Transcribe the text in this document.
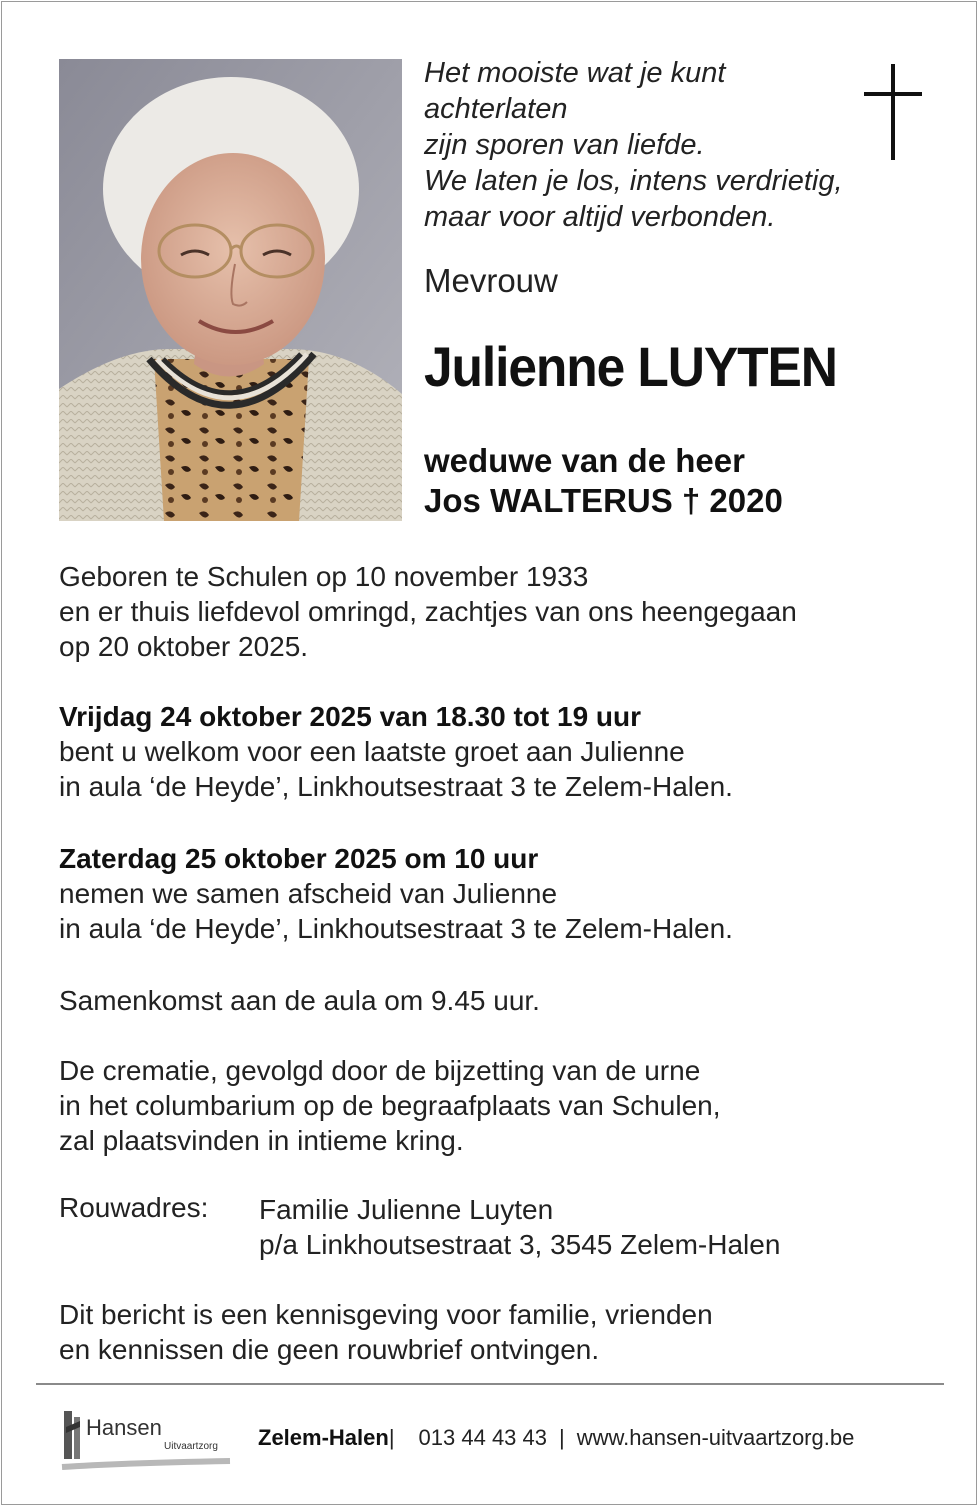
Het mooiste wat je kunt
achterlaten
zijn sporen van liefde.
We laten je los, intens verdrietig,
maar voor altijd verbonden.
Mevrouw
Julienne LUYTEN
weduwe van de heer
Jos WALTERUS † 2020
Geboren te Schulen op 10 november 1933
en er thuis liefdevol omringd, zachtjes van ons heengegaan
op 20 oktober 2025.
Vrijdag 24 oktober 2025 van 18.30 tot 19 uur
bent u welkom voor een laatste groet aan Julienne
in aula ‘de Heyde’, Linkhoutsestraat 3 te Zelem-Halen.
Zaterdag 25 oktober 2025 om 10 uur
nemen we samen afscheid van Julienne
in aula ‘de Heyde’, Linkhoutsestraat 3 te Zelem-Halen.
Samenkomst aan de aula om 9.45 uur.
De crematie, gevolgd door de bijzetting van de urne
in het columbarium op de begraafplaats van Schulen,
zal plaatsvinden in intieme kring.
Rouwadres: Familie Julienne Luyten
p/a Linkhoutsestraat 3, 3545 Zelem-Halen
Dit bericht is een kennisgeving voor familie, vrienden
en kennissen die geen rouwbrief ontvingen.
Hansen
Uitvaartzorg Zelem-Halen| 013 44 43 43 | www.hansen-uitvaartzorg.be
